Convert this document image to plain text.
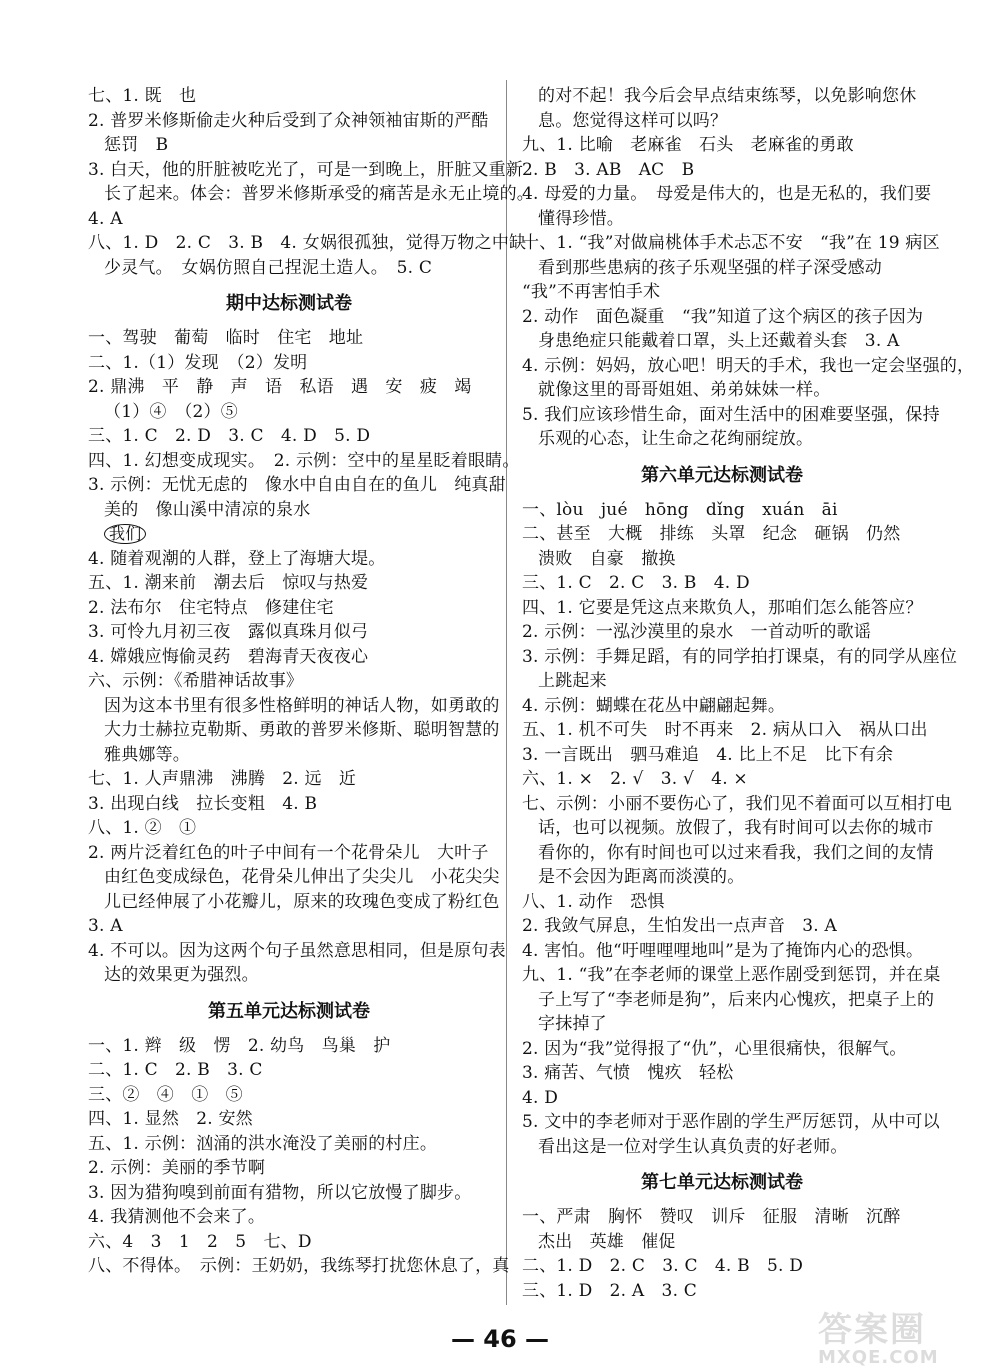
七、1. 既　也
2. 普罗米修斯偷走火种后受到了众神领袖宙斯的严酷
惩罚　B
3. 白天，他的肝脏被吃光了，可是一到晚上，肝脏又重新
长了起来。体会：普罗米修斯承受的痛苦是永无止境的。
4. A
八、1. D　2. C　3. B　4. 女娲很孤独，觉得万物之中缺
少灵气。　女娲仿照自己捏泥土造人。　5. C
期中达标测试卷
一、驾驶　葡萄　临时　住宅　地址
二、1.（1）发现　（2）发明
2. 鼎沸　平　静　声　语　私语　遇　安　疲　竭
（1）④　（2）⑤
三、1. C　2. D　3. C　4. D　5. D
四、1. 幻想变成现实。　2. 示例：空中的星星眨着眼睛。
3. 示例：无忧无虑的　像水中自由自在的鱼儿　纯真甜
美的　像山溪中清凉的泉水
我们
4. 随着观潮的人群，登上了海塘大堤。
五、1. 潮来前　潮去后　惊叹与热爱
2. 法布尔　住宅特点　修建住宅
3. 可怜九月初三夜　露似真珠月似弓
4. 嫦娥应悔偷灵药　碧海青天夜夜心
六、示例：《希腊神话故事》
因为这本书里有很多性格鲜明的神话人物，如勇敢的
大力士赫拉克勒斯、勇敢的普罗米修斯、聪明智慧的
雅典娜等。
七、1. 人声鼎沸　沸腾　2. 远　近
3. 出现白线　拉长变粗　4. B
八、1. ②　①
2. 两片泛着红色的叶子中间有一个花骨朵儿　大叶子
由红色变成绿色，花骨朵儿伸出了尖尖儿　小花尖尖
儿已经伸展了小花瓣儿，原来的玫瑰色变成了粉红色
3. A
4. 不可以。因为这两个句子虽然意思相同，但是原句表
达的效果更为强烈。
第五单元达标测试卷
一、1. 辫　级　愣　2. 幼鸟　鸟巢　护
二、1. C　2. B　3. C
三、②　④　①　⑤
四、1. 显然　2. 安然
五、1. 示例：汹涌的洪水淹没了美丽的村庄。
2. 示例：美丽的季节啊
3. 因为猎狗嗅到前面有猎物，所以它放慢了脚步。
4. 我猜测他不会来了。
六、4　3　1　2　5　七、D
八、不得体。　示例：王奶奶，我练琴打扰您休息了，真
的对不起！我今后会早点结束练琴，以免影响您休
息。您觉得这样可以吗？
九、1. 比喻　老麻雀　石头　老麻雀的勇敢
2. B　3. AB　AC　B
4. 母爱的力量。　母爱是伟大的，也是无私的，我们要
懂得珍惜。
十、1. “我”对做扁桃体手术忐忑不安　“我”在 19 病区
看到那些患病的孩子乐观坚强的样子深受感动
“我”不再害怕手术
2. 动作　面色凝重　“我”知道了这个病区的孩子因为
身患绝症只能戴着口罩，头上还戴着头套　3. A
4. 示例：妈妈，放心吧！明天的手术，我也一定会坚强的，
就像这里的哥哥姐姐、弟弟妹妹一样。
5. 我们应该珍惜生命，面对生活中的困难要坚强，保持
乐观的心态，让生命之花绚丽绽放。
第六单元达标测试卷
一、lòu　jué　hōng　dǐng　xuán　āi
二、甚至　大概　排练　头罩　纪念　砸锅　仍然
溃败　自豪　撤换
三、1. C　2. C　3. B　4. D
四、1. 它要是凭这点来欺负人，那咱们怎么能答应？
2. 示例：一泓沙漠里的泉水　一首动听的歌谣
3. 示例：手舞足蹈，有的同学拍打课桌，有的同学从座位
上跳起来
4. 示例：蝴蝶在花丛中翩翩起舞。
五、1. 机不可失　时不再来　2. 病从口入　祸从口出
3. 一言既出　驷马难追　4. 比上不足　比下有余
六、1. ×　2. √　3. √　4. ×
七、示例：小丽不要伤心了，我们见不着面可以互相打电
话，也可以视频。放假了，我有时间可以去你的城市
看你的，你有时间也可以过来看我，我们之间的友情
是不会因为距离而淡漠的。
八、1. 动作　恐惧
2. 我敛气屏息，生怕发出一点声音　3. A
4. 害怕。他“吁哩哩哩地叫”是为了掩饰内心的恐惧。
九、1. “我”在李老师的课堂上恶作剧受到惩罚，并在桌
子上写了“李老师是狗”，后来内心愧疚，把桌子上的
字抹掉了
2. 因为“我”觉得报了“仇”，心里很痛快，很解气。
3. 痛苦、气愤　愧疚　轻松
4. D
5. 文中的李老师对于恶作剧的学生严厉惩罚，从中可以
看出这是一位对学生认真负责的好老师。
第七单元达标测试卷
一、严肃　胸怀　赞叹　训斥　征服　清晰　沉醉
杰出　英雄　催促
二、1. D　2. C　3. C　4. B　5. D
三、1. D　2. A　3. C
— 46 —	答案圈
MXQE.COM
